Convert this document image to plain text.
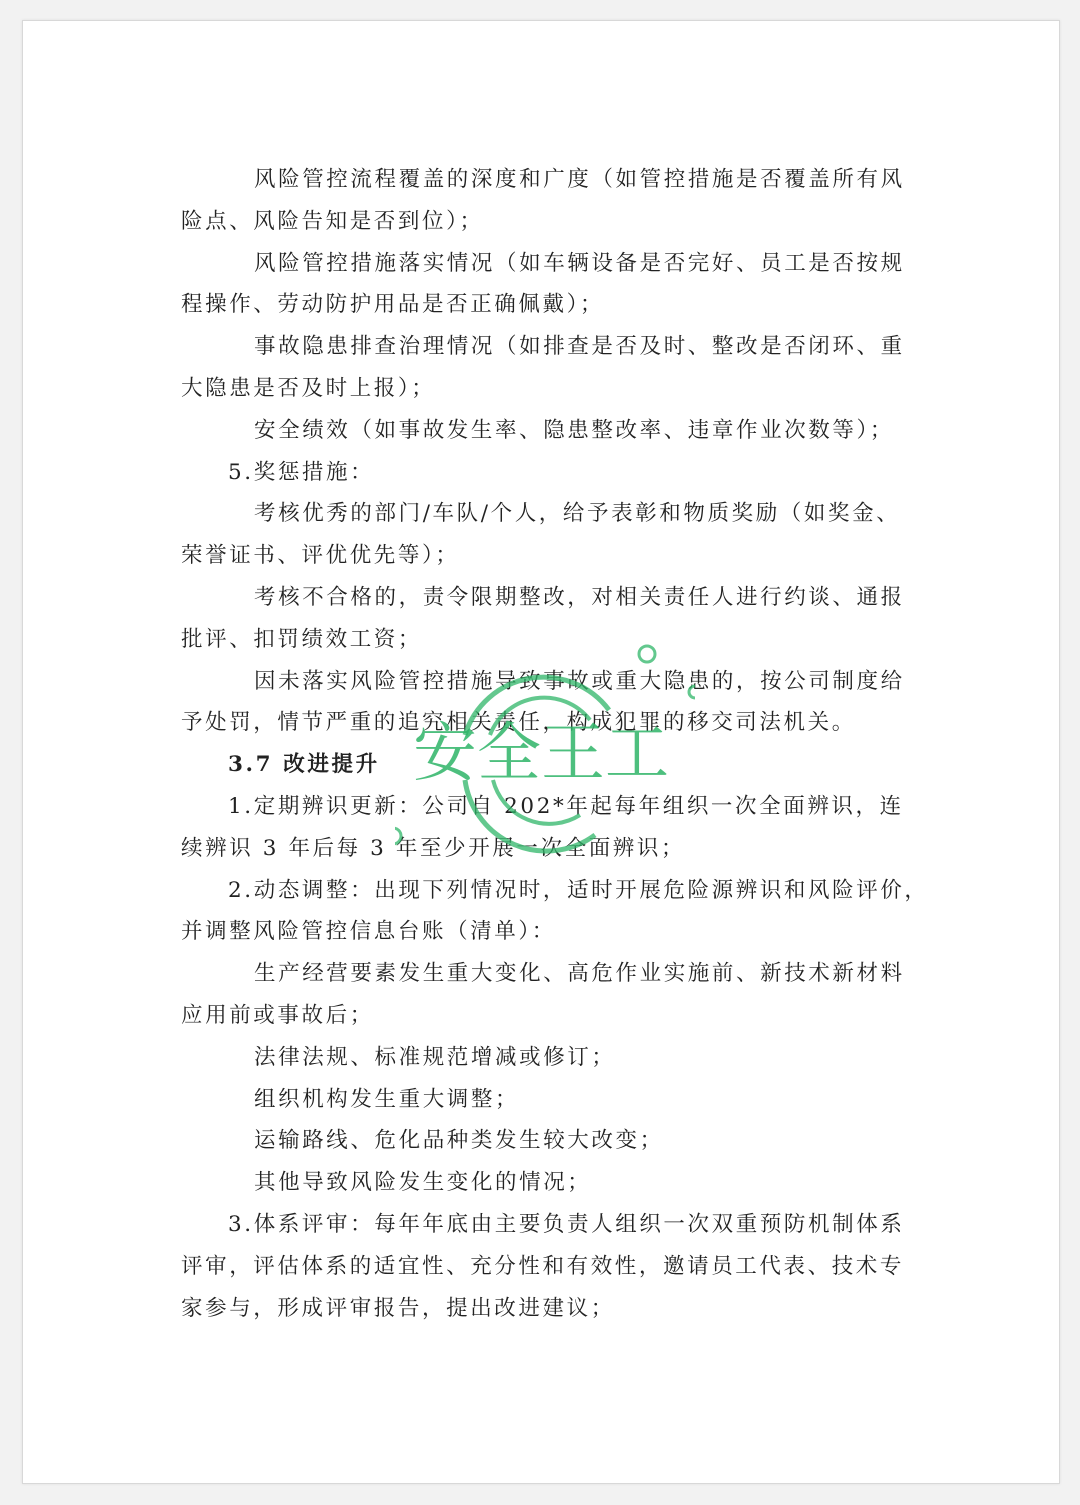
风险管控流程覆盖的深度和广度（如管控措施是否覆盖所有风
险点、风险告知是否到位）；
风险管控措施落实情况（如车辆设备是否完好、员工是否按规
程操作、劳动防护用品是否正确佩戴）；
事故隐患排查治理情况（如排查是否及时、整改是否闭环、重
大隐患是否及时上报）；
安全绩效（如事故发生率、隐患整改率、违章作业次数等）；
5.奖惩措施：
考核优秀的部门/车队/个人，给予表彰和物质奖励（如奖金、
荣誉证书、评优优先等）；
考核不合格的，责令限期整改，对相关责任人进行约谈、通报
批评、扣罚绩效工资；
因未落实风险管控措施导致事故或重大隐患的，按公司制度给
予处罚，情节严重的追究相关责任，构成犯罪的移交司法机关。
3.7 改进提升
1.定期辨识更新：公司自 202*年起每年组织一次全面辨识，连
续辨识 3 年后每 3 年至少开展一次全面辨识；
2.动态调整：出现下列情况时，适时开展危险源辨识和风险评价，
并调整风险管控信息台账（清单）：
生产经营要素发生重大变化、高危作业实施前、新技术新材料
应用前或事故后；
法律法规、标准规范增减或修订；
组织机构发生重大调整；
运输路线、危化品种类发生较大改变；
其他导致风险发生变化的情况；
3.体系评审：每年年底由主要负责人组织一次双重预防机制体系
评审，评估体系的适宜性、充分性和有效性，邀请员工代表、技术专
家参与，形成评审报告，提出改进建议；
安全王工
